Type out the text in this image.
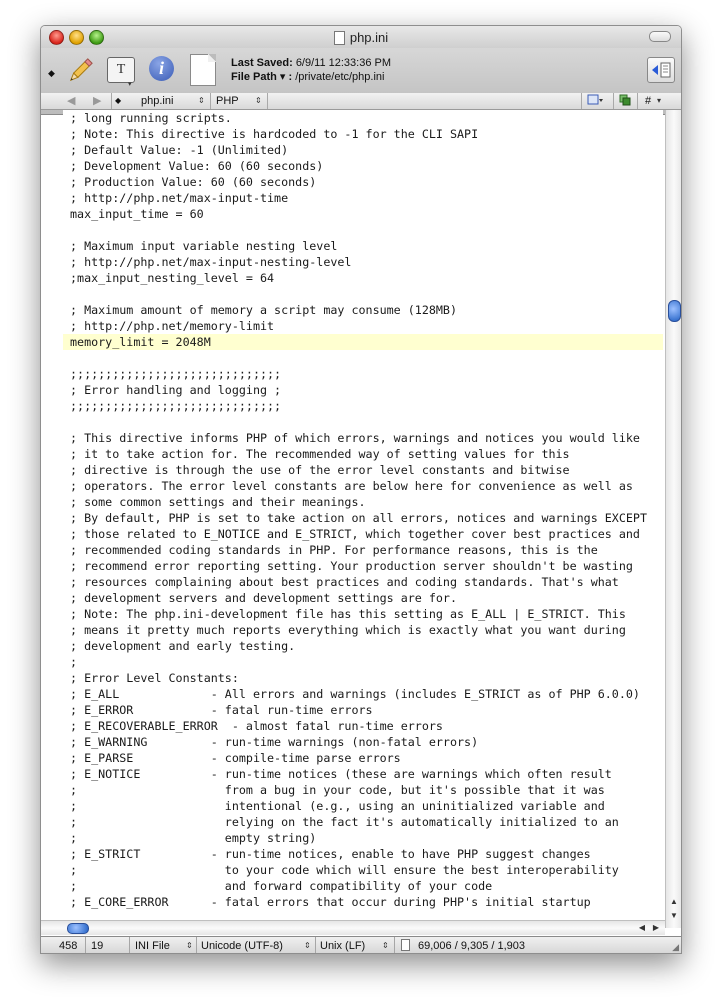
php.ini
◆	T
▾
i	Last Saved: 6/9/11 12:33:36 PM
File Path ▾ : /private/etc/php.ini
◀ ▶ ◆ php.ini	⇕ PHP ⇕	# ▾
; long running scripts.
; Note: This directive is hardcoded to -1 for the CLI SAPI
; Default Value: -1 (Unlimited)
; Development Value: 60 (60 seconds)
; Production Value: 60 (60 seconds)
; http://php.net/max-input-time
max_input_time = 60
; Maximum input variable nesting level
; http://php.net/max-input-nesting-level
;max_input_nesting_level = 64
; Maximum amount of memory a script may consume (128MB)
; http://php.net/memory-limit
memory_limit = 2048M
;;;;;;;;;;;;;;;;;;;;;;;;;;;;;;
; Error handling and logging ;
;;;;;;;;;;;;;;;;;;;;;;;;;;;;;;
; This directive informs PHP of which errors, warnings and notices you would like
; it to take action for. The recommended way of setting values for this
; directive is through the use of the error level constants and bitwise
; operators. The error level constants are below here for convenience as well as
; some common settings and their meanings.
; By default, PHP is set to take action on all errors, notices and warnings EXCEPT
; those related to E_NOTICE and E_STRICT, which together cover best practices and
; recommended coding standards in PHP. For performance reasons, this is the
; recommend error reporting setting. Your production server shouldn't be wasting
; resources complaining about best practices and coding standards. That's what
; development servers and development settings are for.
; Note: The php.ini-development file has this setting as E_ALL | E_STRICT. This
; means it pretty much reports everything which is exactly what you want during
; development and early testing.
;
; Error Level Constants:
; E_ALL             - All errors and warnings (includes E_STRICT as of PHP 6.0.0)
; E_ERROR           - fatal run-time errors
; E_RECOVERABLE_ERROR  - almost fatal run-time errors
; E_WARNING         - run-time warnings (non-fatal errors)
; E_PARSE           - compile-time parse errors
; E_NOTICE          - run-time notices (these are warnings which often result
;                     from a bug in your code, but it's possible that it was
;                     intentional (e.g., using an uninitialized variable and
;                     relying on the fact it's automatically initialized to an
;                     empty string)
; E_STRICT          - run-time notices, enable to have PHP suggest changes
;                     to your code which will ensure the best interoperability
;                     and forward compatibility of your code
; E_CORE_ERROR      - fatal errors that occur during PHP's initial startup	▲
▼
◀ ▶
458 19	INI File ⇕ Unicode (UTF-8)	⇕ Unix (LF) ⇕	69,006 / 9,305 / 1,903	◢
